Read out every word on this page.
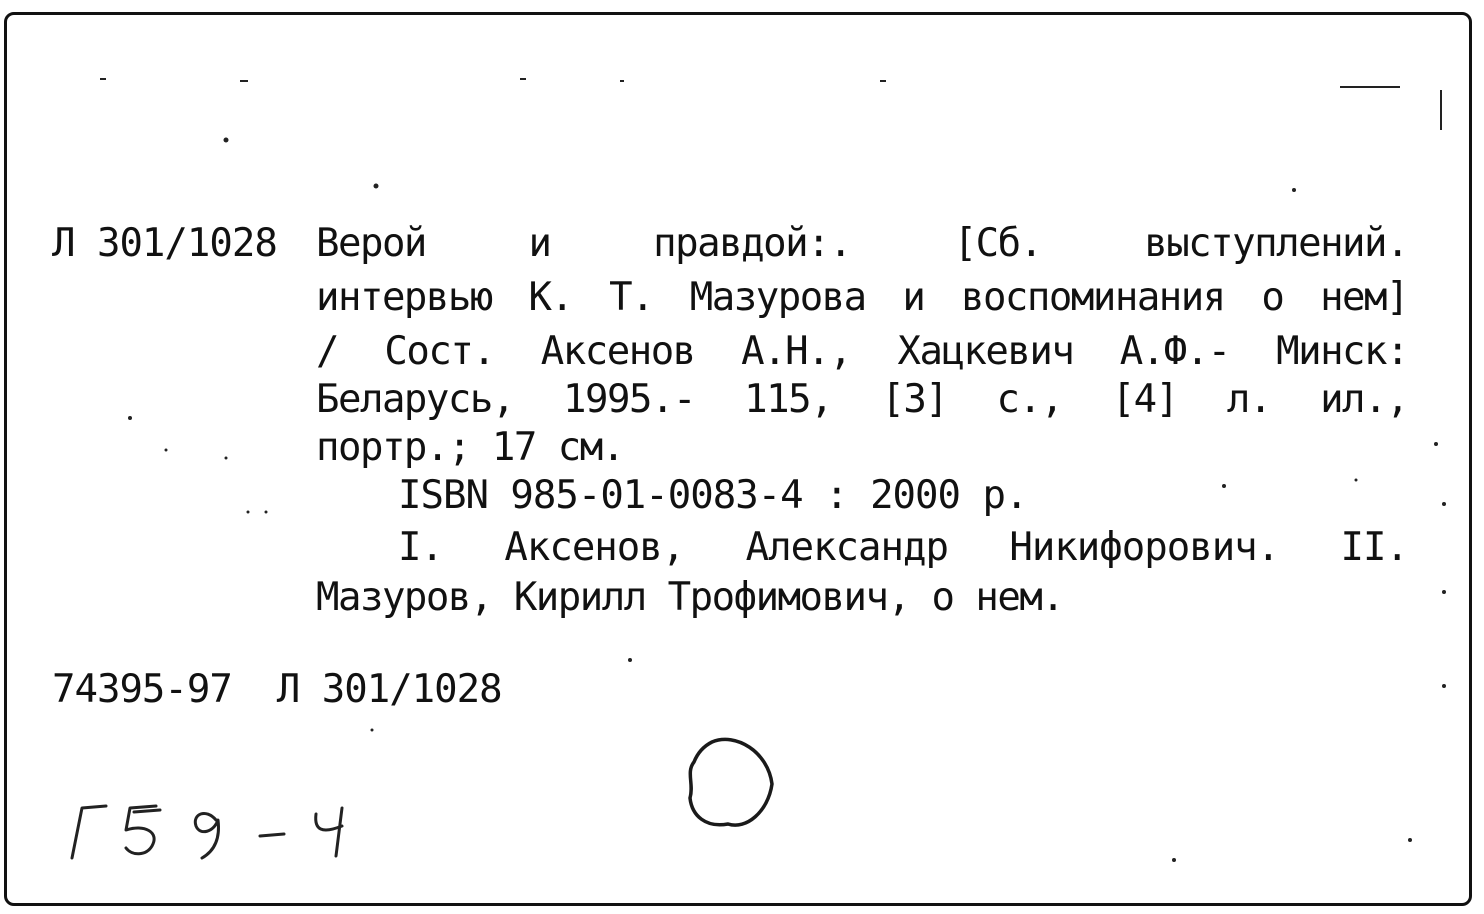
Л 301/1028 Верой и правдой:. [Сб. выступлений.
интервью К. Т. Мазурова и воспоминания о нем]
/ Сост. Аксенов А.Н., Хацкевич А.Ф.- Минск:
Беларусь, 1995.- 115, [3] с., [4] л. ил.,
портр.; 17 см.
ISBN 985-01-0083-4 : 2000 р.
I. Аксенов, Александр Никифорович. II.
Мазуров, Кирилл Трофимович, о нем.
74395-97  Л 301/1028
